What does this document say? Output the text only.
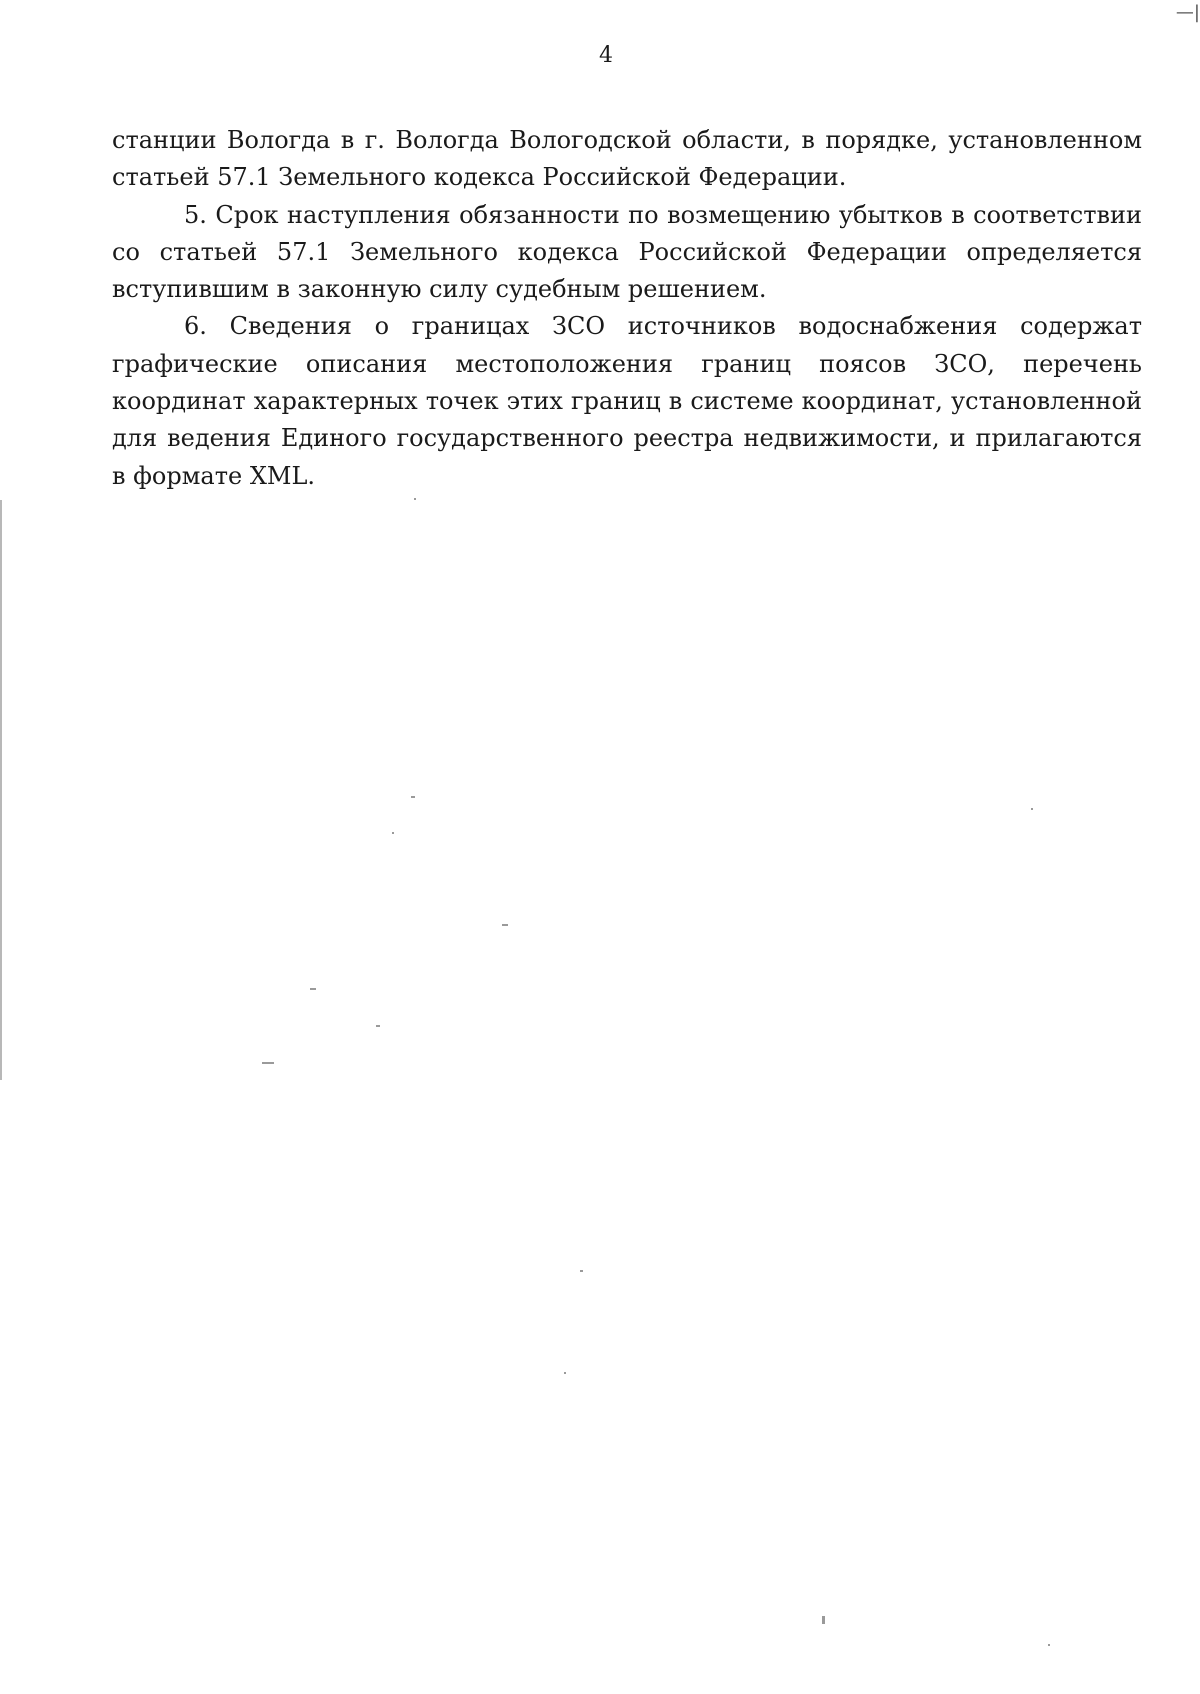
—|
4

станции Вологда в г. Вологда Вологодской области, в порядке, установленном статьей 57.1 Земельного кодекса Российской Федерации.

5. Срок наступления обязанности по возмещению убытков в соответствии со статьей 57.1 Земельного кодекса Российской Федерации определяется вступившим в законную силу судебным решением.

6. Сведения о границах ЗСО источников водоснабжения содержат графические описания местоположения границ поясов ЗСО, перечень координат характерных точек этих границ в системе координат, установленной для ведения Единого государственного реестра недвижимости, и прилагаются в формате XML.
